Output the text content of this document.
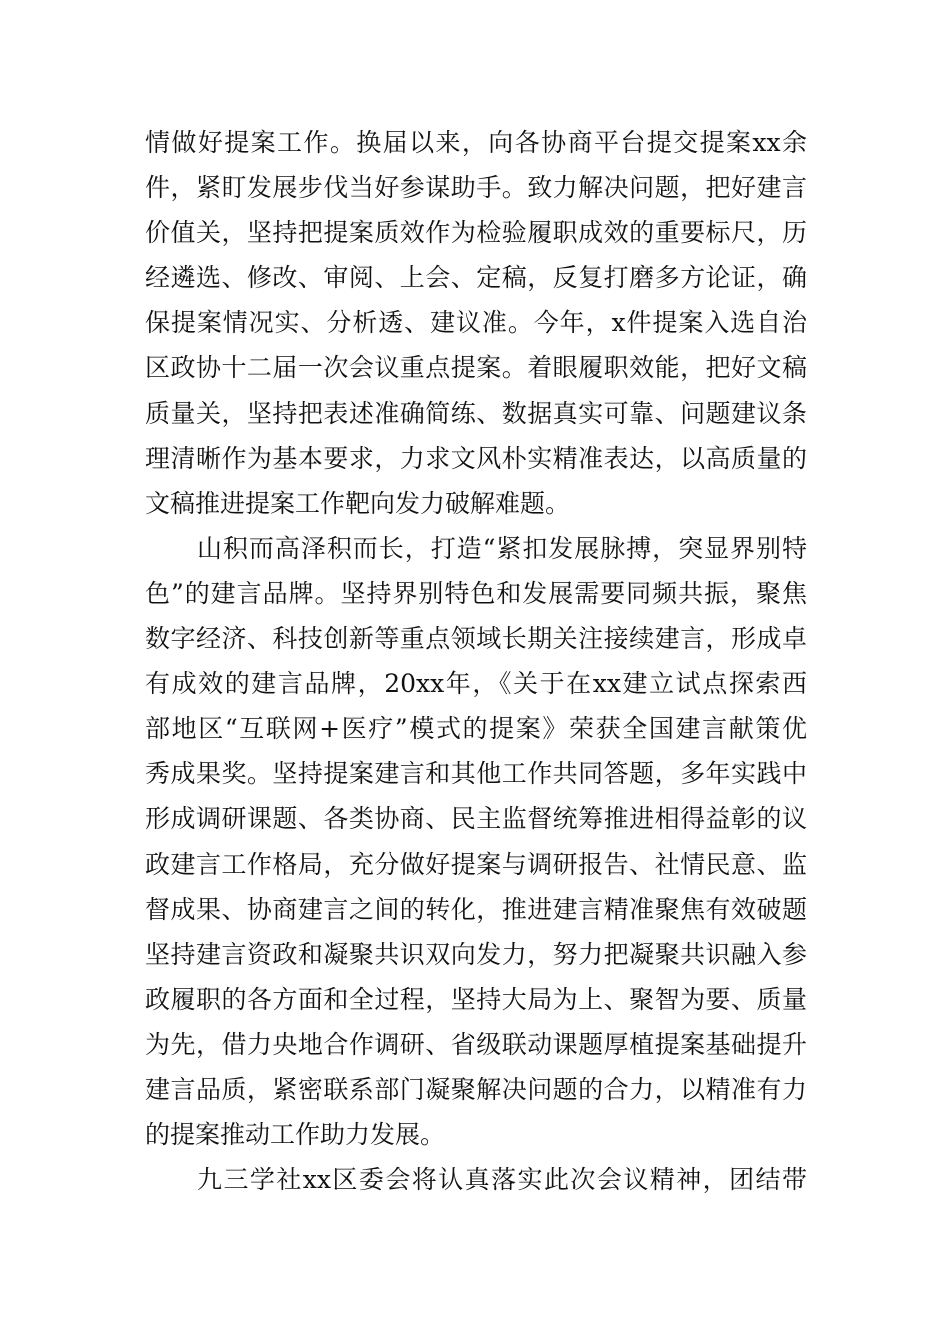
情做好提案工作。换届以来，向各协商平台提交提案xx余
件，紧盯发展步伐当好参谋助手。致力解决问题，把好建言
价值关，坚持把提案质效作为检验履职成效的重要标尺，历
经遴选、修改、审阅、上会、定稿，反复打磨多方论证，确
保提案情况实、分析透、建议准。今年，x件提案入选自治
区政协十二届一次会议重点提案。着眼履职效能，把好文稿
质量关，坚持把表述准确简练、数据真实可靠、问题建议条
理清晰作为基本要求，力求文风朴实精准表达，以高质量的
文稿推进提案工作靶向发力破解难题。
山积而高泽积而长，打造“紧扣发展脉搏，突显界别特
色”的建言品牌。坚持界别特色和发展需要同频共振，聚焦
数字经济、科技创新等重点领域长期关注接续建言，形成卓
有成效的建言品牌，20xx年，《关于在xx建立试点探索西
部地区“互联网+医疗”模式的提案》荣获全国建言献策优
秀成果奖。坚持提案建言和其他工作共同答题，多年实践中
形成调研课题、各类协商、民主监督统筹推进相得益彰的议
政建言工作格局，充分做好提案与调研报告、社情民意、监
督成果、协商建言之间的转化，推进建言精准聚焦有效破题
坚持建言资政和凝聚共识双向发力，努力把凝聚共识融入参
政履职的各方面和全过程，坚持大局为上、聚智为要、质量
为先，借力央地合作调研、省级联动课题厚植提案基础提升
建言品质，紧密联系部门凝聚解决问题的合力，以精准有力
的提案推动工作助力发展。
九三学社xx区委会将认真落实此次会议精神，团结带
